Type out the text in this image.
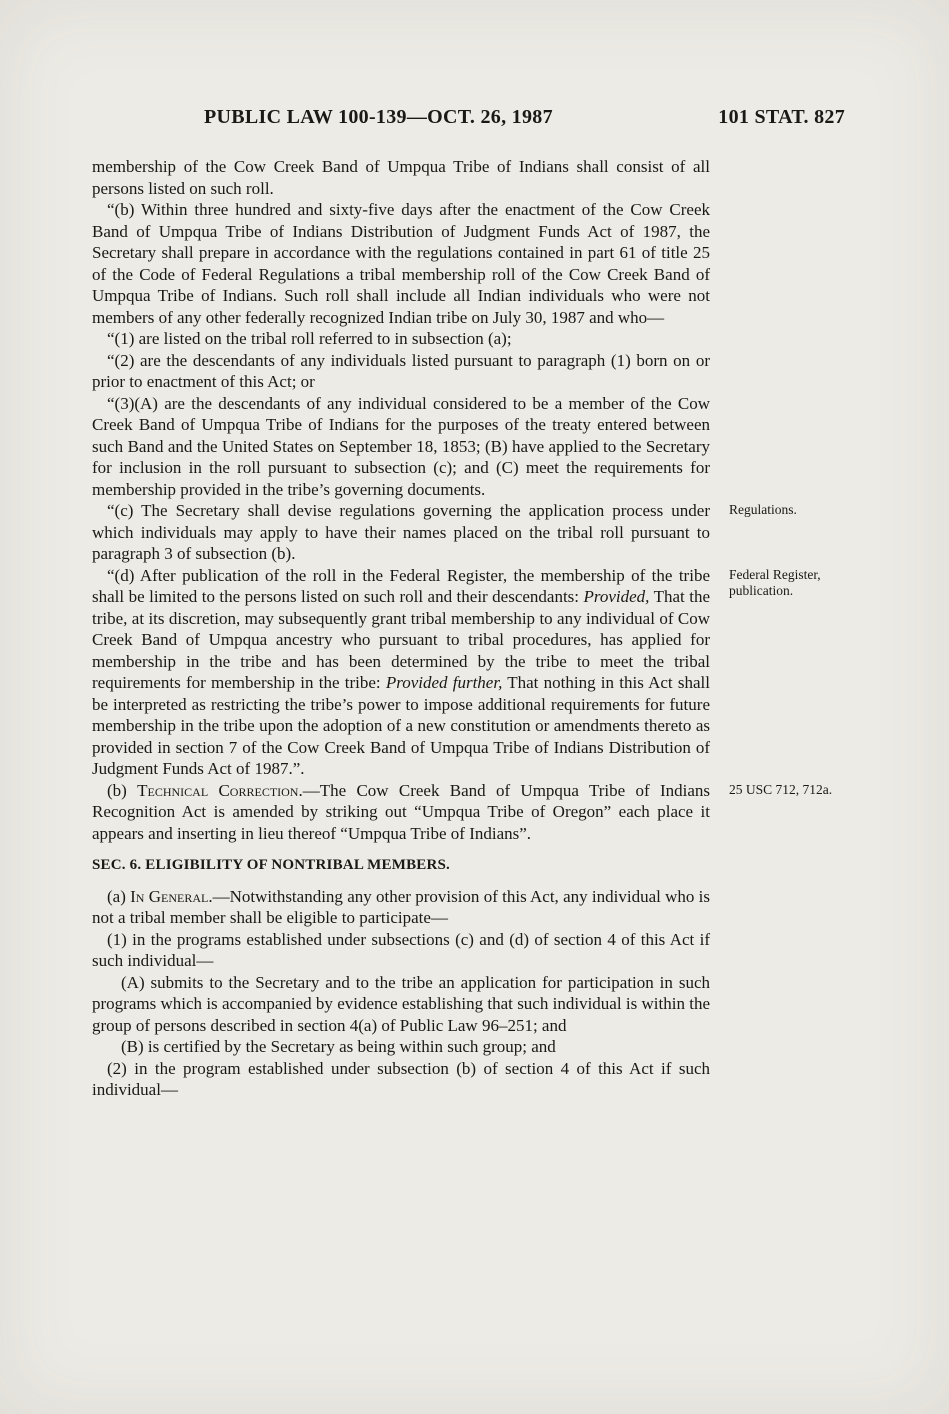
PUBLIC LAW 100-139—OCT. 26, 1987	101 STAT. 827

membership of the Cow Creek Band of Umpqua Tribe of Indians shall consist of all persons listed on such roll.

“(b) Within three hundred and sixty-five days after the enactment of the Cow Creek Band of Umpqua Tribe of Indians Distribution of Judgment Funds Act of 1987, the Secretary shall prepare in accordance with the regulations contained in part 61 of title 25 of the Code of Federal Regulations a tribal membership roll of the Cow Creek Band of Umpqua Tribe of Indians. Such roll shall include all Indian individuals who were not members of any other federally recognized Indian tribe on July 30, 1987 and who—

“(1) are listed on the tribal roll referred to in subsection (a);

“(2) are the descendants of any individuals listed pursuant to paragraph (1) born on or prior to enactment of this Act; or

“(3)(A) are the descendants of any individual considered to be a member of the Cow Creek Band of Umpqua Tribe of Indians for the purposes of the treaty entered between such Band and the United States on September 18, 1853; (B) have applied to the Secretary for inclusion in the roll pursuant to subsection (c); and (C) meet the requirements for membership provided in the tribe’s governing documents.

“(c) The Secretary shall devise regulations governing the application process under which individuals may apply to have their names placed on the tribal roll pursuant to paragraph 3 of subsection (b).
Regulations.

“(d) After publication of the roll in the Federal Register, the membership of the tribe shall be limited to the persons listed on such roll and their descendants: Provided, That the tribe, at its discretion, may subsequently grant tribal membership to any individual of Cow Creek Band of Umpqua ancestry who pursuant to tribal procedures, has applied for membership in the tribe and has been determined by the tribe to meet the tribal requirements for membership in the tribe: Provided further, That nothing in this Act shall be interpreted as restricting the tribe’s power to impose additional requirements for future membership in the tribe upon the adoption of a new constitution or amendments thereto as provided in section 7 of the Cow Creek Band of Umpqua Tribe of Indians Distribution of Judgment Funds Act of 1987.”.
Federal Register, publication.

(b) Technical Correction.—The Cow Creek Band of Umpqua Tribe of Indians Recognition Act is amended by striking out “Umpqua Tribe of Oregon” each place it appears and inserting in lieu thereof “Umpqua Tribe of Indians”.
25 USC 712, 712a.

SEC. 6. ELIGIBILITY OF NONTRIBAL MEMBERS.

(a) In General.—Notwithstanding any other provision of this Act, any individual who is not a tribal member shall be eligible to participate—

(1) in the programs established under subsections (c) and (d) of section 4 of this Act if such individual—

(A) submits to the Secretary and to the tribe an application for participation in such programs which is accompanied by evidence establishing that such individual is within the group of persons described in section 4(a) of Public Law 96–251; and

(B) is certified by the Secretary as being within such group; and

(2) in the program established under subsection (b) of section 4 of this Act if such individual—
